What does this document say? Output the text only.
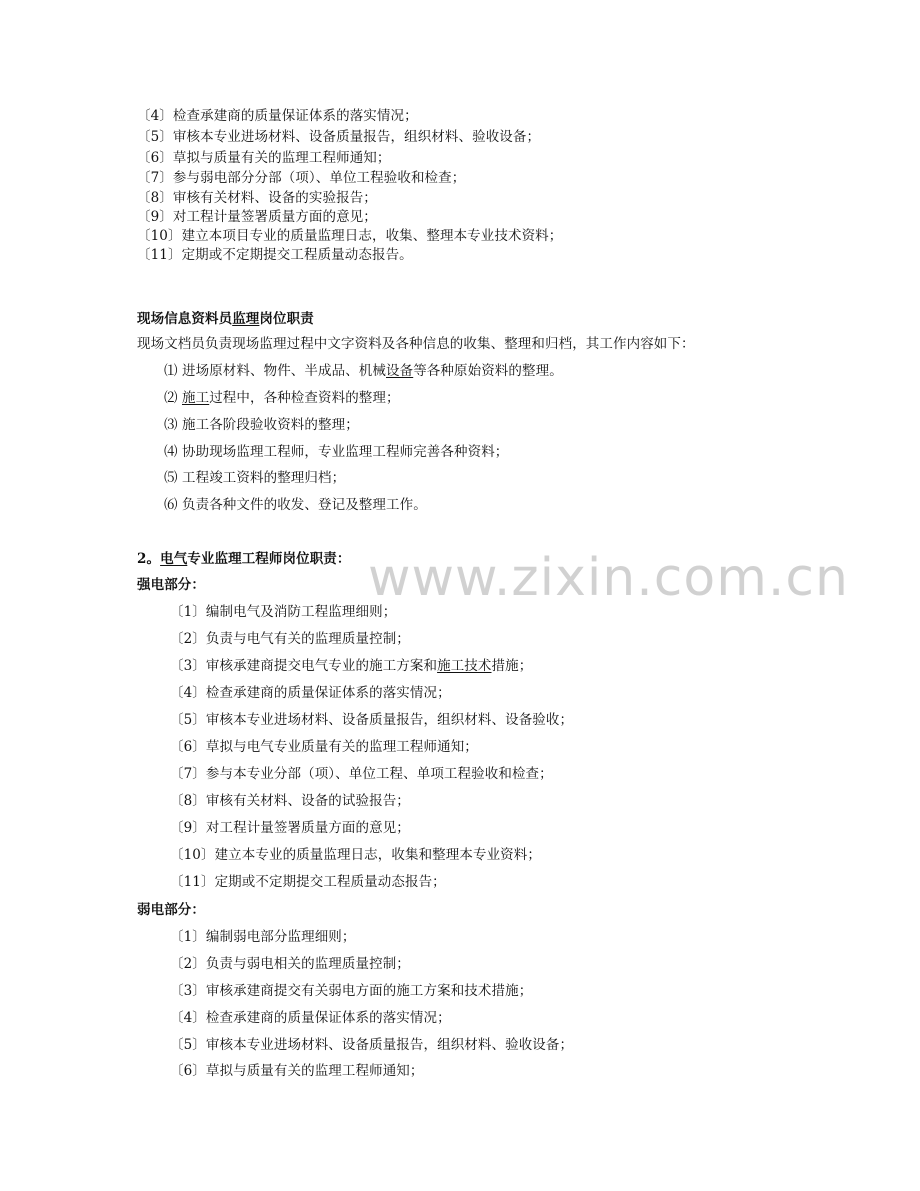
〔4〕检查承建商的质量保证体系的落实情况；
〔5〕审核本专业进场材料、设备质量报告，组织材料、验收设备；
〔6〕草拟与质量有关的监理工程师通知；
〔7〕参与弱电部分分部（项）、单位工程验收和检查；
〔8〕审核有关材料、设备的实验报告；
〔9〕对工程计量签署质量方面的意见；
〔10〕建立本项目专业的质量监理日志，收集、整理本专业技术资料；
〔11〕定期或不定期提交工程质量动态报告。
现场信息资料员监理岗位职责
现场文档员负责现场监理过程中文字资料及各种信息的收集、整理和归档，其工作内容如下：
⑴ 进场原材料、物件、半成品、机械设备等各种原始资料的整理。
⑵ 施工过程中，各种检查资料的整理；
⑶ 施工各阶段验收资料的整理；
⑷ 协助现场监理工程师，专业监理工程师完善各种资料；
⑸ 工程竣工资料的整理归档；
⑹ 负责各种文件的收发、登记及整理工作。
2。电气专业监理工程师岗位职责：
强电部分：
〔1〕编制电气及消防工程监理细则；
〔2〕负责与电气有关的监理质量控制；
〔3〕审核承建商提交电气专业的施工方案和施工技术措施；
〔4〕检查承建商的质量保证体系的落实情况；
〔5〕审核本专业进场材料、设备质量报告，组织材料、设备验收；
〔6〕草拟与电气专业质量有关的监理工程师通知；
〔7〕参与本专业分部（项）、单位工程、单项工程验收和检查；
〔8〕审核有关材料、设备的试验报告；
〔9〕对工程计量签署质量方面的意见；
〔10〕建立本专业的质量监理日志，收集和整理本专业资料；
〔11〕定期或不定期提交工程质量动态报告；
弱电部分：
〔1〕编制弱电部分监理细则；
〔2〕负责与弱电相关的监理质量控制；
〔3〕审核承建商提交有关弱电方面的施工方案和技术措施；
〔4〕检查承建商的质量保证体系的落实情况；
〔5〕审核本专业进场材料、设备质量报告，组织材料、验收设备；
〔6〕草拟与质量有关的监理工程师通知；
www.zixin.com.cn
